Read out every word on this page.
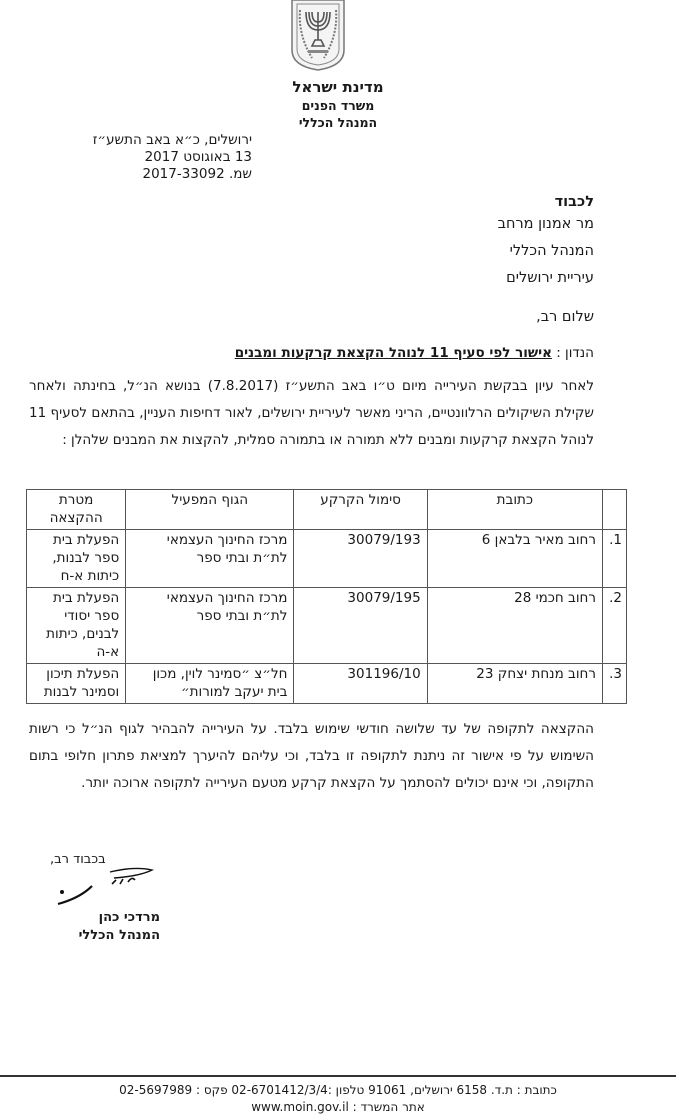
מדינת ישראל
משרד הפנים
המנהל הכללי
ירושלים, כ״א באב התשע״ז
13 באוגוסט 2017
שמ. 2017-33092
לכבוד
מר אמנון מרחב
המנהל הכללי
עיריית ירושלים
שלום רב,
הנדון : אישור לפי סעיף 11 לנוהל הקצאת קרקעות ומבנים
לאחר עיון בבקשת העירייה מיום ט״ו באב התשע״ז (7.8.2017) בנושא הנ״ל, בחינתה ולאחר שקילת השיקולים הרלוונטיים, הריני מאשר לעיריית ירושלים, לאור דחיפות העניין, בהתאם לסעיף 11 לנוהל הקצאת קרקעות ומבנים ללא תמורה או בתמורה סמלית, להקצות את המבנים שלהלן :
	כתובת	סימול הקרקע	הגוף המפעיל	מטרת ההקצאה
1.	רחוב מאיר בלבאן 6	30079/193	מרכז החינוך העצמאי לת״ת ובתי ספר	הפעלת בית ספר לבנות, כיתות א-ח
2.	רחוב חכמי 28	30079/195	מרכז החינוך העצמאי לת״ת ובתי ספר	הפעלת בית ספר יסודי לבנים, כיתות א-ה
3.	רחוב מנחת יצחק 23	301196/10	חל״צ ״סמינר לוין, מכון בית יעקב למורות״	הפעלת תיכון וסמינר לבנות
ההקצאה לתקופה של עד שלושה חודשי שימוש בלבד. על העירייה להבהיר לגוף הנ״ל כי רשות השימוש על פי אישור זה ניתנת לתקופה זו בלבד, וכי עליהם להיערך למציאת פתרון חלופי בתום התקופה, וכי אינם יכולים להסתמך על הקצאת קרקע מטעם העירייה לתקופה ארוכה יותר.
בכבוד רב,
מרדכי כהן
המנהל הכללי
כתובת : ת.ד. 6158 ירושלים, 91061 טלפון :02-6701412/3/4 פקס : 02-5697989
אתר המשרד : www.moin.gov.il
